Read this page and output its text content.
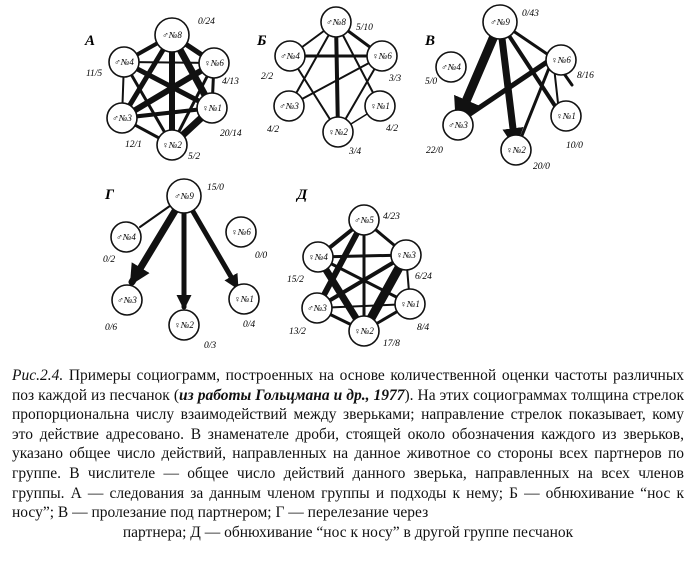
А	♂№8
0/24
♀№6
4/13
♀№1
20/14
♀№2
5/2
♂№3
12/1
♂№4
11/5
Б
♂№8
5/10
♂№4
2/2
♀№6
3/3
♂№3
4/2	♀№2
3/4
♀№1
4/2
В
♂№9
0/43
♂№4
5/0
♀№6
8/16
♂№3
22/0
♀№1
10/0
♀№2
20/0
Г	♂№9
15/0
♂№4
0/2
♀№6
0/0
♂№3
0/6
♀№1
0/4
♀№2
0/3
Д
♂№5 4/23
♀№4
15/2
♀№3
6/24
♂№3
13/2	♀№2
17/8
♀№1
8/4

Рис.2.4. Примеры социограмм, построенных на основе количественной оценки частоты различных поз каждой из песчанок (из работы Гольцмана и др., 1977). На этих социограммах толщина стрелок пропорциональна числу взаимодействий между зверьками; направление стрелок показывает, кому это действие адресовано. В знаменателе дроби, стоящей около обозначения каждого из зверьков, указано общее число действий, направленных на данное животное со стороны всех партнеров по группе. В числителе — общее число действий данного зверька, направленных на всех членов группы. А — следования за данным членом группы и подходы к нему; Б — обнюхивание “нос к носу”; В — пролезание под партнером; Г — перелезание через
партнера; Д — обнюхивание “нос к носу” в другой группе песчанок
